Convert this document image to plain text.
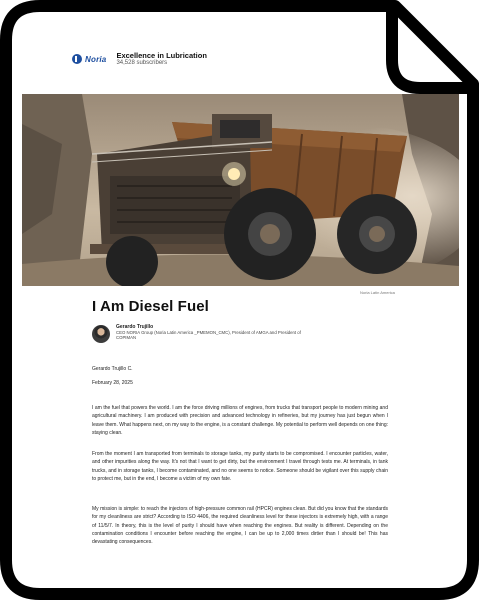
Noria Excellence in Lubrication
34,528 subscribers
Noria Latin America
I Am Diesel Fuel
Gerardo Trujillo
CEO NORIA Group (Noria Latin America _PMEMON_CMC), President of AMGA and President of COPIMAN
Gerardo Trujillo C.
February 28, 2025
I am the fuel that powers the world. I am the force driving millions of engines, from trucks that transport people to modern mining and agricultural machinery. I am produced with precision and advanced technology in refineries, but my journey has just begun when I leave them. What happens next, on my way to the engine, is a constant challenge. My potential to perform well depends on one thing: staying clean.
From the moment I am transported from terminals to storage tanks, my purity starts to be compromised. I encounter particles, water, and other impurities along the way. It's not that I want to get dirty, but the environment I travel through tests me. At terminals, in tank trucks, and in storage tanks, I become contaminated, and no one seems to notice. Someone should be vigilant over this supply chain to protect me, but in the end, I become a victim of my own fate.
My mission is simple: to reach the injectors of high-pressure common rail (HPCR) engines clean. But did you know that the standards for my cleanliness are strict? According to ISO 4406, the required cleanliness level for these injectors is extremely high, with a range of 11/5/7. In theory, this is the level of purity I should have when reaching the engines. But reality is different. Depending on the contamination conditions I encounter before reaching the engine, I can be up to 2,000 times dirtier than I should be! This has devastating consequences.
